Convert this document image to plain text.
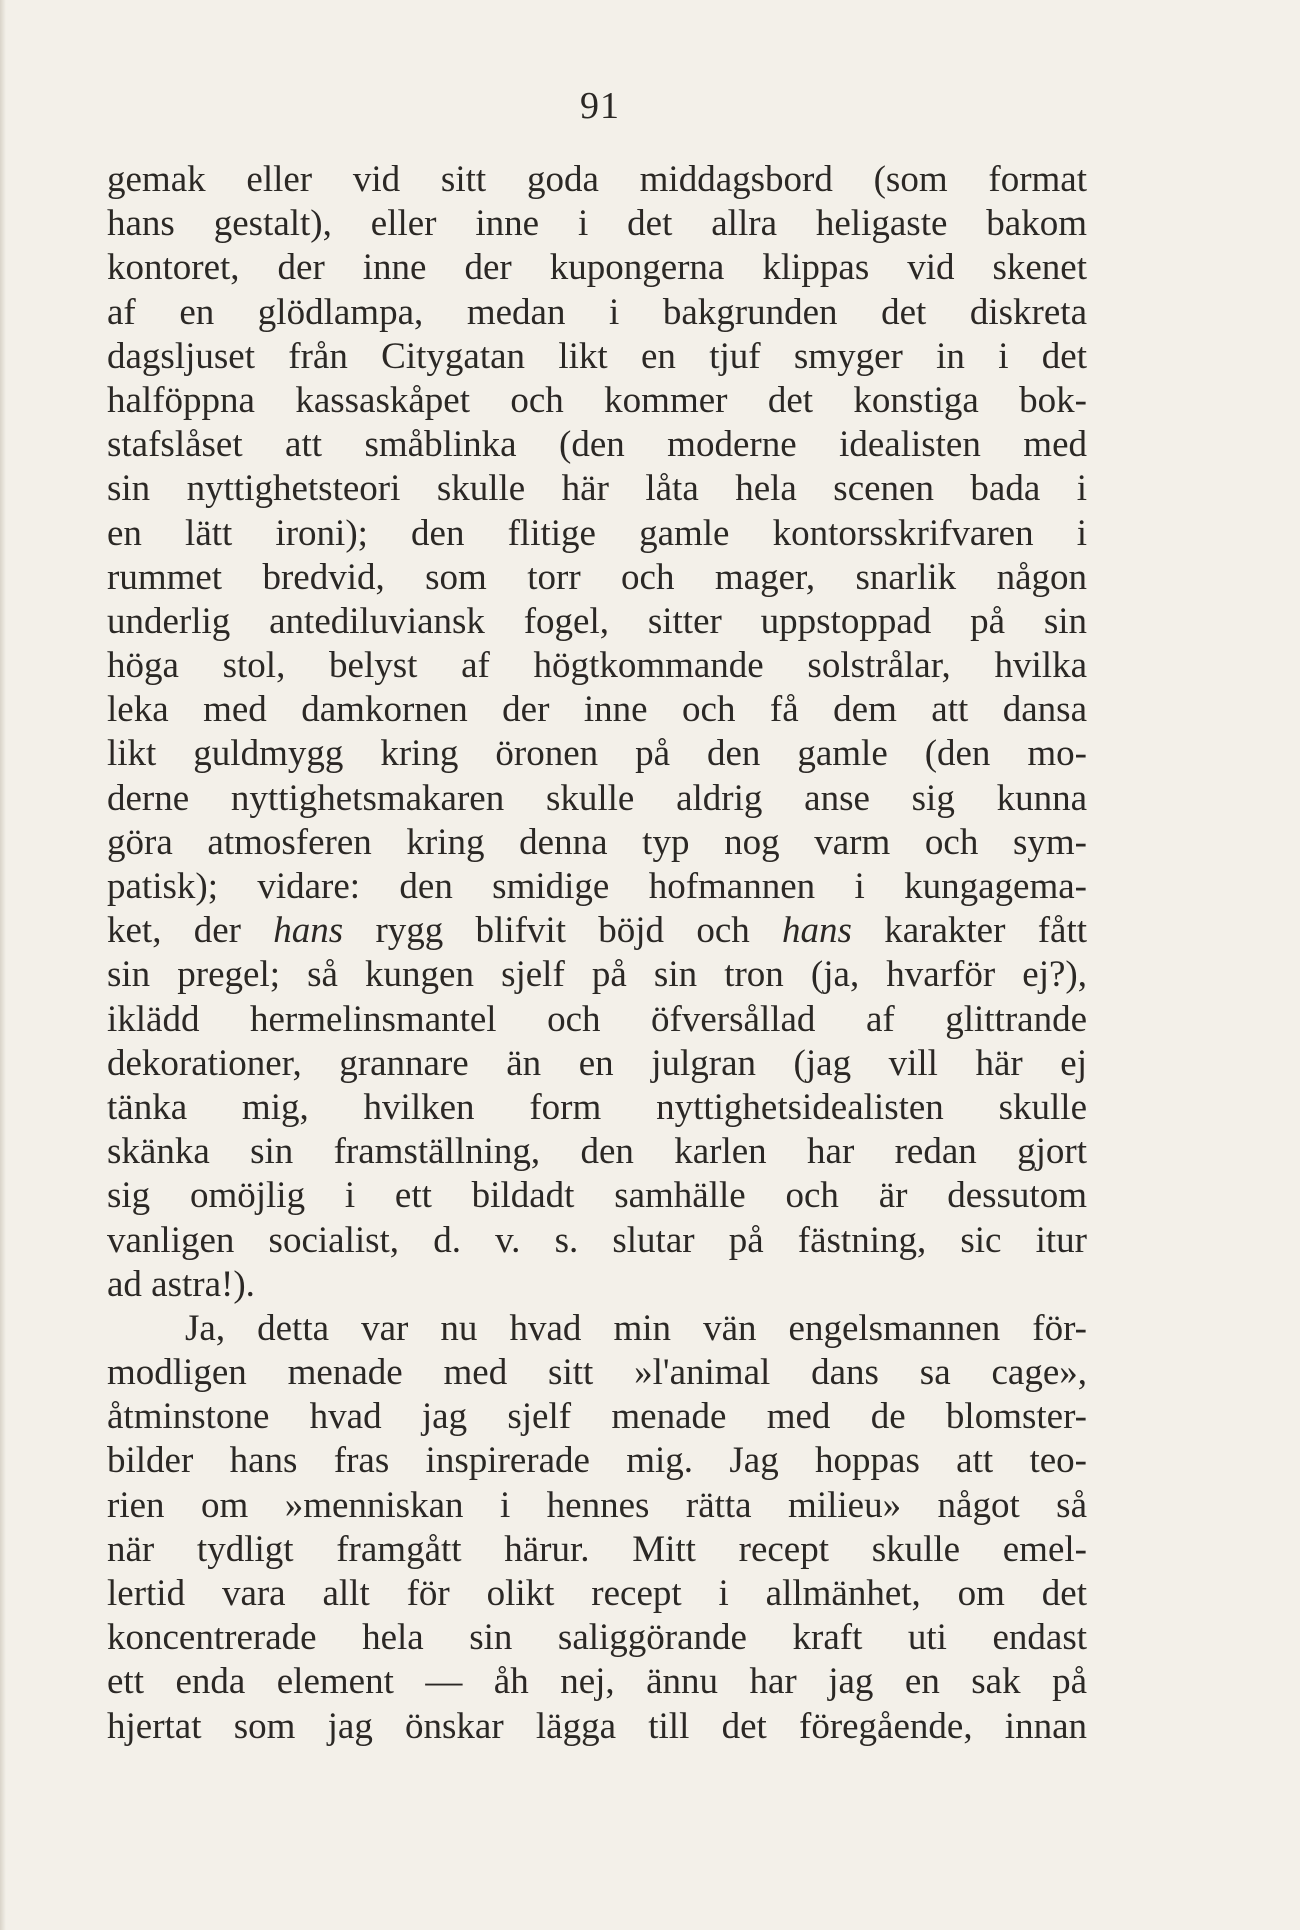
91
gemak eller vid sitt goda middagsbord (som format
hans gestalt), eller inne i det allra heligaste bakom
kontoret, der inne der kupongerna klippas vid skenet
af en glödlampa, medan i bakgrunden det diskreta
dagsljuset från Citygatan likt en tjuf smyger in i det
halföppna kassaskåpet och kommer det konstiga bok-
stafslåset att småblinka (den moderne idealisten med
sin nyttighetsteori skulle här låta hela scenen bada i
en lätt ironi); den flitige gamle kontorsskrifvaren i
rummet bredvid, som torr och mager, snarlik någon
underlig antediluviansk fogel, sitter uppstoppad på sin
höga stol, belyst af högtkommande solstrålar, hvilka
leka med damkornen der inne och få dem att dansa
likt guldmygg kring öronen på den gamle (den mo-
derne nyttighetsmakaren skulle aldrig anse sig kunna
göra atmosferen kring denna typ nog varm och sym-
patisk); vidare: den smidige hofmannen i kungagema-
ket, der hans rygg blifvit böjd och hans karakter fått
sin pregel; så kungen sjelf på sin tron (ja, hvarför ej?),
iklädd hermelinsmantel och öfversållad af glittrande
dekorationer, grannare än en julgran (jag vill här ej
tänka mig, hvilken form nyttighetsidealisten skulle
skänka sin framställning, den karlen har redan gjort
sig omöjlig i ett bildadt samhälle och är dessutom
vanligen socialist, d. v. s. slutar på fästning, sic itur
ad astra!).
Ja, detta var nu hvad min vän engelsmannen för-
modligen menade med sitt »l'animal dans sa cage»,
åtminstone hvad jag sjelf menade med de blomster-
bilder hans fras inspirerade mig. Jag hoppas att teo-
rien om »menniskan i hennes rätta milieu» något så
när tydligt framgått härur. Mitt recept skulle emel-
lertid vara allt för olikt recept i allmänhet, om det
koncentrerade hela sin saliggörande kraft uti endast
ett enda element — åh nej, ännu har jag en sak på
hjertat som jag önskar lägga till det föregående, innan
